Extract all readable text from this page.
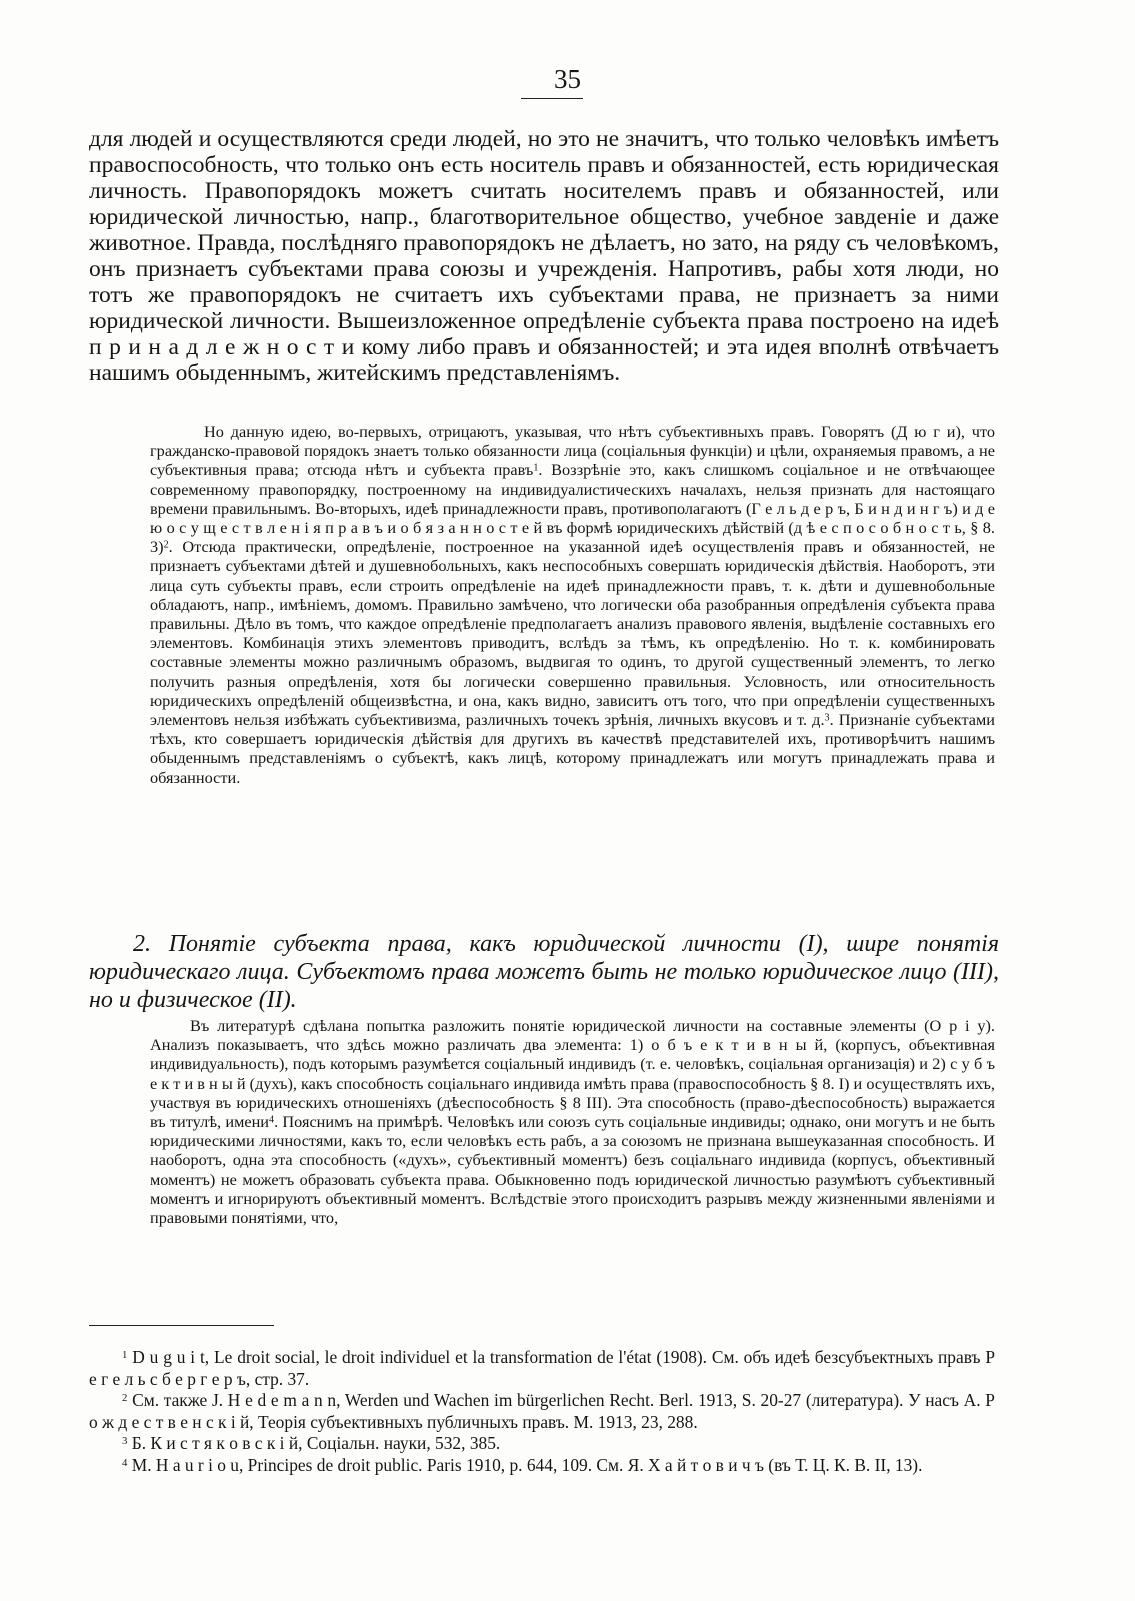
35

для людей и осуществляются среди людей, но это не значитъ, что только человѣкъ имѣетъ правоспособность, что только онъ есть носитель правъ и обязанностей, есть юридическая личность. Правопорядокъ можетъ считать носителемъ правъ и обязанностей, или юридической личностью, напр., благотворительное общество, учебное завденіе и даже животное. Правда, послѣдняго правопорядокъ не дѣлаетъ, но зато, на ряду съ человѣкомъ, онъ признаетъ субъектами права союзы и учрежденія. Напротивъ, рабы хотя люди, но тотъ же правопорядокъ не считаетъ ихъ субъектами права, не признаетъ за ними юридической личности. Вышеизложенное опредѣленіе субъекта права построено на идеѣ п р и н а д л е ж н о с т и кому либо правъ и обязанностей; и эта идея вполнѣ отвѣчаетъ нашимъ обыденнымъ, житейскимъ представленіямъ.

Но данную идею, во-первыхъ, отрицаютъ, указывая, что нѣтъ субъективныхъ правъ. Говорятъ (Д ю г и), что гражданско-правовой порядокъ знаетъ только обязанности лица (соціальныя функціи) и цѣли, охраняемыя правомъ, а не субъективныя права; отсюда нѣтъ и субъекта правъ$^1$. Воззрѣніе это, какъ слишкомъ соціальное и не отвѣчающее современному правопорядку, построенному на индивидуалистическихъ началахъ, нельзя признать для настоящаго времени правильнымъ. Во-вторыхъ, идеѣ принадлежности правъ, противополагаютъ (Г е л ь д е р ъ, Б и н д и н г ъ) и д е ю о с у щ е с т в л е н і я п р а в ъ и о б я з а н н о с т е й въ формѣ юридическихъ дѣйствій (д ѣ е с п о с о б н о с т ь, § 8. 3)$^2$. Отсюда практически, опредѣленіе, построенное на указанной идеѣ осуществленія правъ и обязанностей, не признаетъ субъектами дѣтей и душевнобольныхъ, какъ неспособныхъ совершать юридическія дѣйствія. Наоборотъ, эти лица суть субъекты правъ, если строить опредѣленіе на идеѣ принадлежности правъ, т. к. дѣти и душевнобольные обладаютъ, напр., имѣніемъ, домомъ. Правильно замѣчено, что логически оба разобранныя опредѣленія субъекта права правильны. Дѣло въ томъ, что каждое опредѣленіе предполагаетъ анализъ правового явленія, выдѣленіе составныхъ его элементовъ. Комбинація этихъ элементовъ приводитъ, вслѣдъ за тѣмъ, къ опредѣленію. Но т. к. комбинировать составные элементы можно различнымъ образомъ, выдвигая то одинъ, то другой существенный элементъ, то легко получить разныя опредѣленія, хотя бы логически совершенно правильныя. Условность, или относительность юридическихъ опредѣленій общеизвѣстна, и она, какъ видно, зависитъ отъ того, что при опредѣленіи существенныхъ элементовъ нельзя избѣжать субъективизма, различныхъ точекъ зрѣнія, личныхъ вкусовъ и т. д.$^3$. Признаніе субъектами тѣхъ, кто совершаетъ юридическія дѣйствія для другихъ въ качествѣ представителей ихъ, противорѣчитъ нашимъ обыденнымъ представленіямъ о субъектѣ, какъ лицѣ, которому принадлежатъ или могутъ принадлежать права и обязанности.

2. Понятіе субъекта права, какъ юридической личности (I), шире понятія юридическаго лица. Субъектомъ права можетъ быть не только юридическое лицо (III), но и физическое (II).

Въ литературѣ сдѣлана попытка разложить понятіе юридической личности на составные элементы (О р і у). Анализъ показываетъ, что здѣсь можно различать два элемента: 1) о б ъ е к т и в н ы й, (корпусъ, объективная индивидуальность), подъ которымъ разумѣется соціальный индивидъ (т. е. человѣкъ, соціальная организація) и 2) с у б ъ е к т и в н ы й (духъ), какъ способность соціальнаго индивида имѣть права (правоспособность § 8. I) и осуществлять ихъ, участвуя въ юридическихъ отношеніяхъ (дѣеспособность § 8 III). Эта способность (право-дѣеспособность) выражается въ титулѣ, имени$^4$. Пояснимъ на примѣрѣ. Человѣкъ или союзъ суть соціальные индивиды; однако, они могутъ и не быть юридическими личностями, какъ то, если человѣкъ есть рабъ, а за союзомъ не признана вышеуказанная способность. И наоборотъ, одна эта способность («духъ», субъективный моментъ) безъ соціальнаго индивида (корпусъ, объективный моментъ) не можетъ образовать субъекта права. Обыкновенно подъ юридической личностью разумѣютъ субъективный моментъ и игнорируютъ объективный моментъ. Вслѣдствіе этого происходитъ разрывъ между жизненными явленіями и правовыми понятіями, что,

$^1$ D u g u i t, Le droit social, le droit individuel et la transformation de l'état (1908). См. объ идеѣ безсубъектныхъ правъ Р е г е л ь с б е р г е р ъ, стр. 37.

$^2$ См. также J. H e d e m a n n, Werden und Wachen im bürgerlichen Recht. Berl. 1913, S. 20-27 (литература). У насъ А. Р о ж д е с т в е н с к і й, Теорія субъективныхъ публичныхъ правъ. М. 1913, 23, 288.

$^3$ Б. К и с т я к о в с к і й, Соціальн. науки, 532, 385.

$^4$ М. H a u r i o u, Principes de droit public. Paris 1910, p. 644, 109. См. Я. Х а й т о в и ч ъ (въ Т. Ц. К. В. II, 13).
